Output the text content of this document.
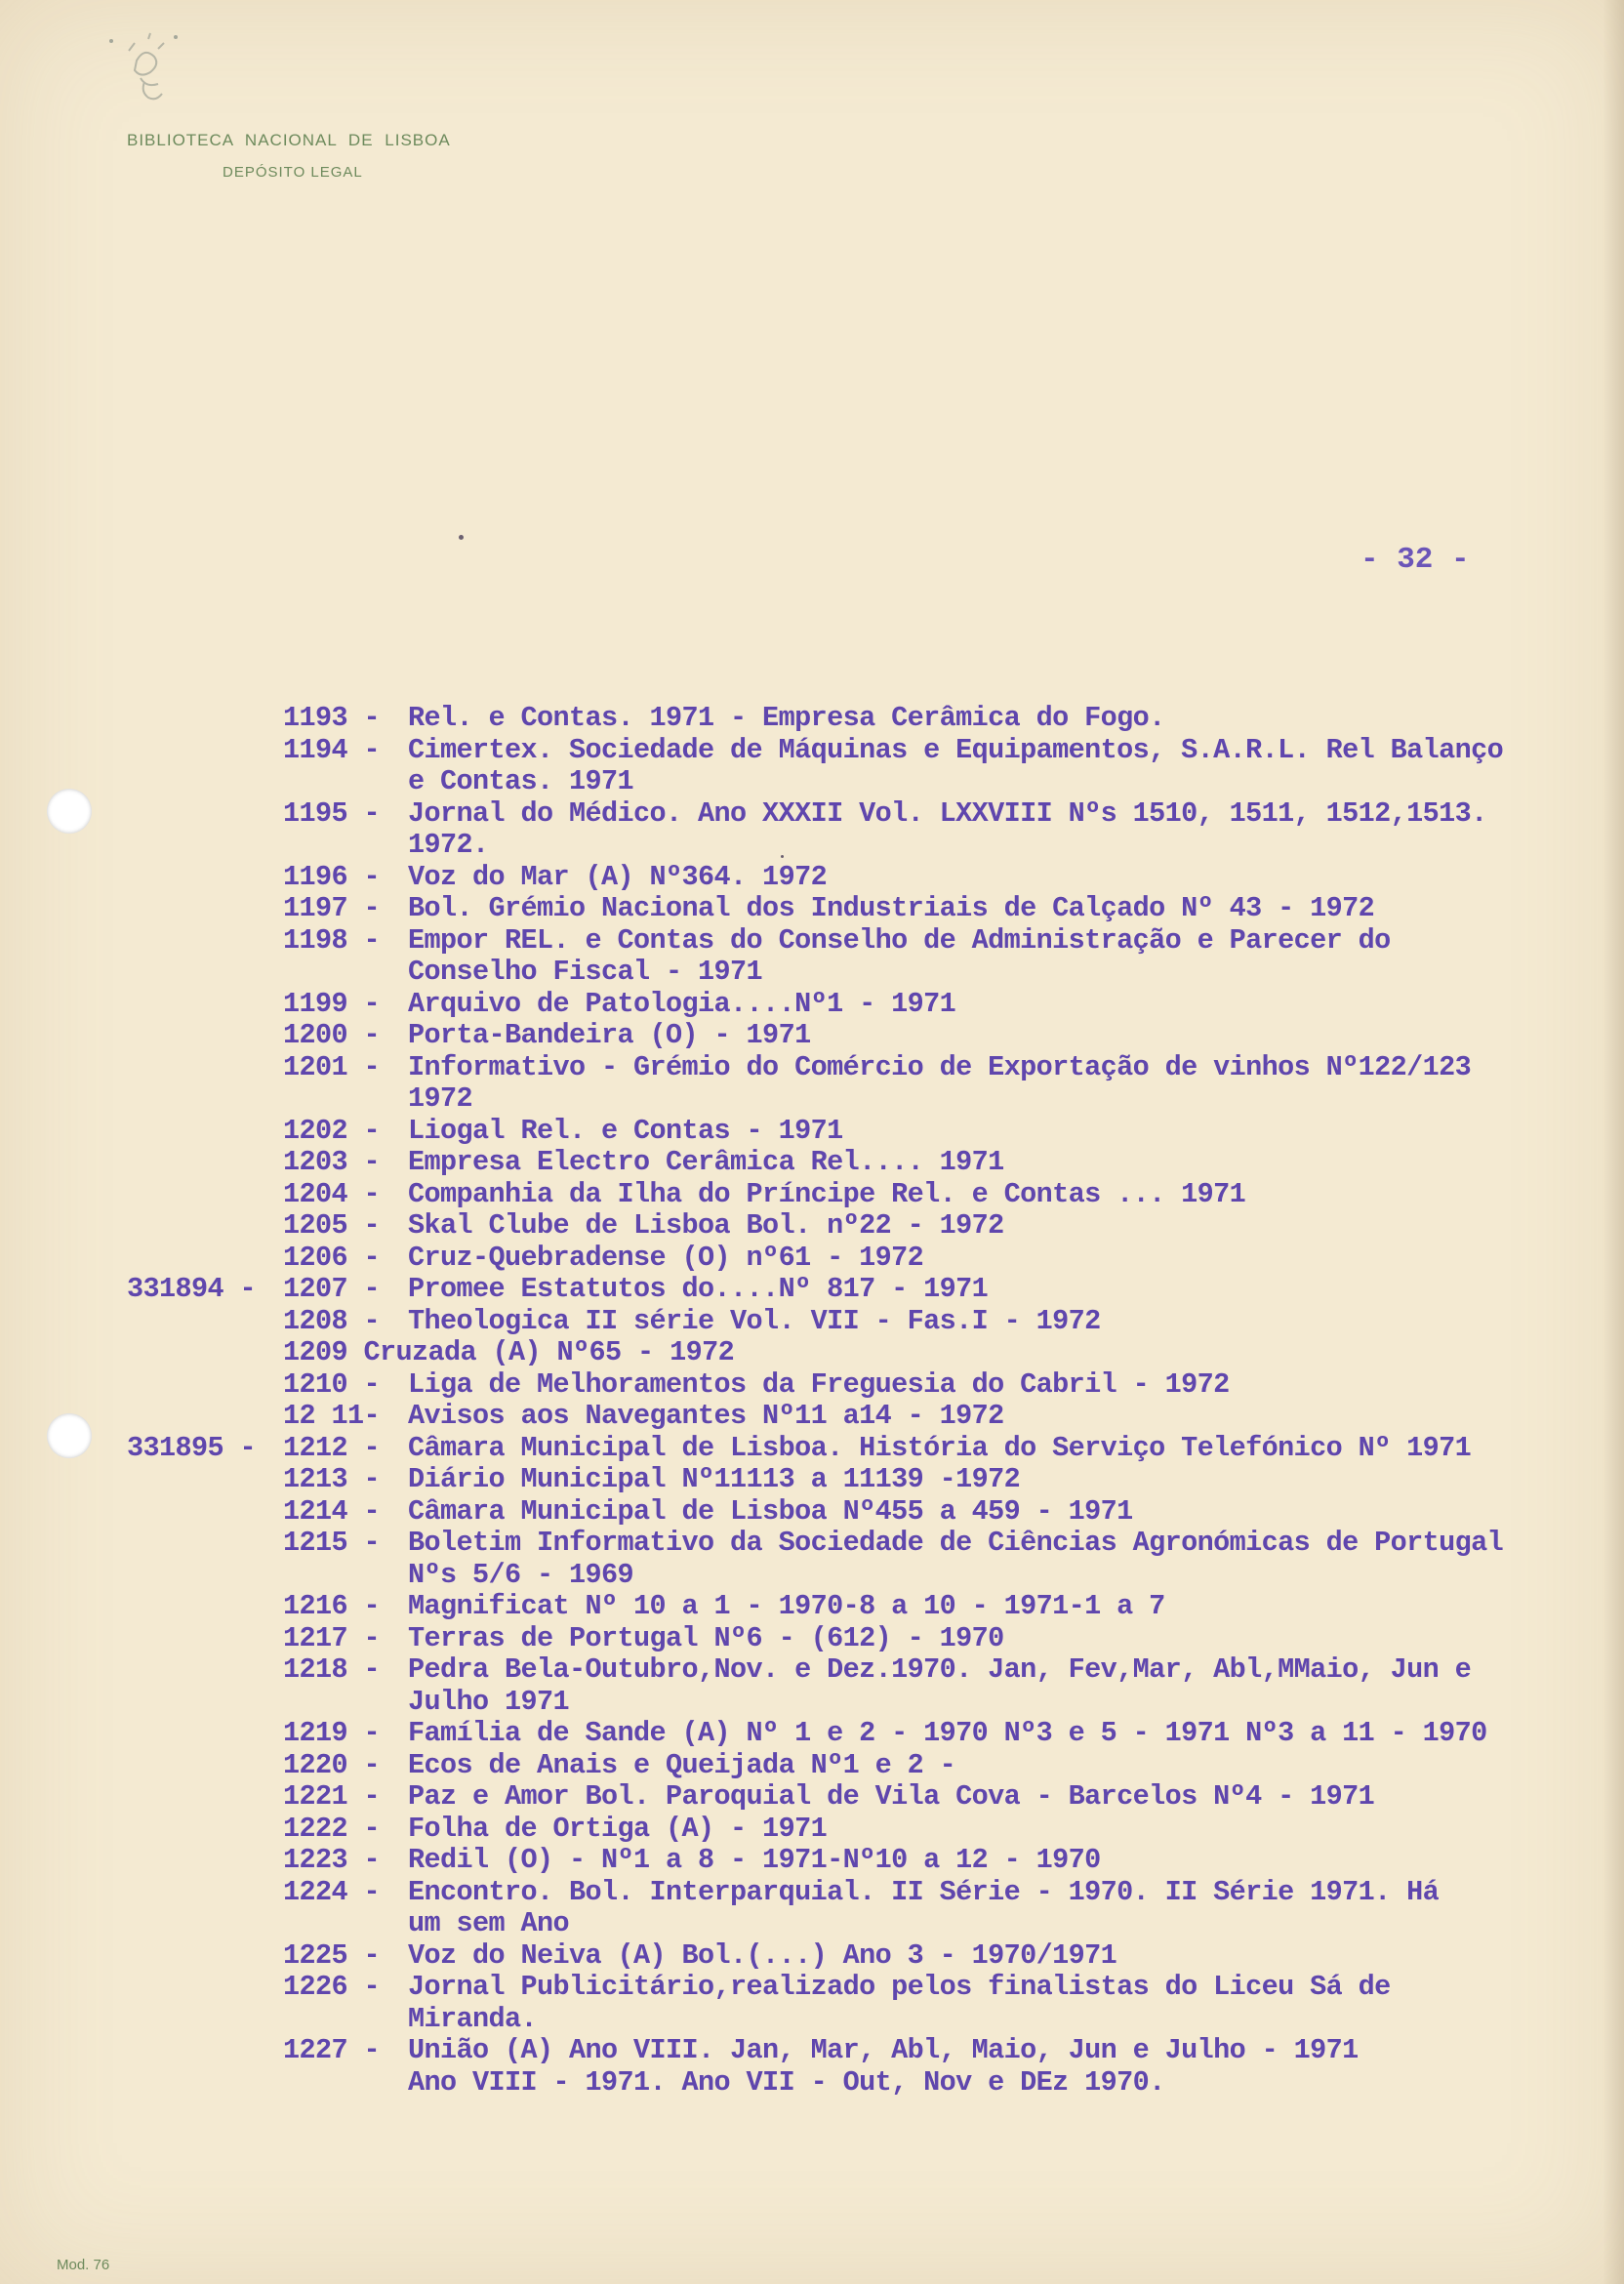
BIBLIOTECA NACIONAL DE LISBOA
DEPÓSITO LEGAL
- 32 -
1193 -	Rel. e Contas. 1971 - Empresa Cerâmica do Fogo.
1194 -	Cimertex. Sociedade de Máquinas e Equipamentos, S.A.R.L. Rel Balanço
e Contas. 1971
1195 -	Jornal do Médico. Ano XXXII Vol. LXXVIII Nºs 1510, 1511, 1512,1513.
1972.
1196 -	Voz do Mar (A) Nº364. 1972
1197 -	Bol. Grémio Nacional dos Industriais de Calçado Nº 43 - 1972
1198 -	Empor REL. e Contas do Conselho de Administração e Parecer do
Conselho Fiscal - 1971
1199 -	Arquivo de Patologia....Nº1 - 1971
1200 -	Porta-Bandeira (O) - 1971
1201 -	Informativo - Grémio do Comércio de Exportação de vinhos Nº122/123
1972
1202 -	Liogal Rel. e Contas - 1971
1203 -	Empresa Electro Cerâmica Rel.... 1971
1204 -	Companhia da Ilha do Príncipe Rel. e Contas ... 1971
1205 -	Skal Clube de Lisboa Bol. nº22 - 1972
1206 -	Cruz-Quebradense (O) nº61 - 1972
331894 - 1207 -	Promee Estatutos do....Nº 817 - 1971
1208 -	Theologica II série Vol. VII - Fas.I - 1972
1209 Cruzada (A) Nº65 - 1972
1210 -	Liga de Melhoramentos da Freguesia do Cabril - 1972
12 11-	Avisos aos Navegantes Nº11 a14 - 1972
331895 - 1212 -	Câmara Municipal de Lisboa. História do Serviço Telefónico Nº 1971
1213 -	Diário Municipal Nº11113 a 11139 -1972
1214 -	Câmara Municipal de Lisboa Nº455 a 459 - 1971
1215 -	Boletim Informativo da Sociedade de Ciências Agronómicas de Portugal
Nºs 5/6 - 1969
1216 -	Magnificat Nº 10 a 1 - 1970-8 a 10 - 1971-1 a 7
1217 -	Terras de Portugal Nº6 - (612) - 1970
1218 -	Pedra Bela-Outubro,Nov. e Dez.1970. Jan, Fev,Mar, Abl,MMaio, Jun e
Julho 1971
1219 -	Família de Sande (A) Nº 1 e 2 - 1970 Nº3 e 5 - 1971 Nº3 a 11 - 1970
1220 -	Ecos de Anais e Queijada Nº1 e 2 -
1221 -	Paz e Amor Bol. Paroquial de Vila Cova - Barcelos Nº4 - 1971
1222 -	Folha de Ortiga (A) - 1971
1223 -	Redil (O) - Nº1 a 8 - 1971-Nº10 a 12 - 1970
1224 -	Encontro. Bol. Interparquial. II Série - 1970. II Série 1971. Há
um sem Ano
1225 -	Voz do Neiva (A) Bol.(...) Ano 3 - 1970/1971
1226 -	Jornal Publicitário,realizado pelos finalistas do Liceu Sá de
Miranda.
1227 -	União (A) Ano VIII. Jan, Mar, Abl, Maio, Jun e Julho - 1971
Ano VIII - 1971. Ano VII - Out, Nov e DEz 1970.
Mod. 76
